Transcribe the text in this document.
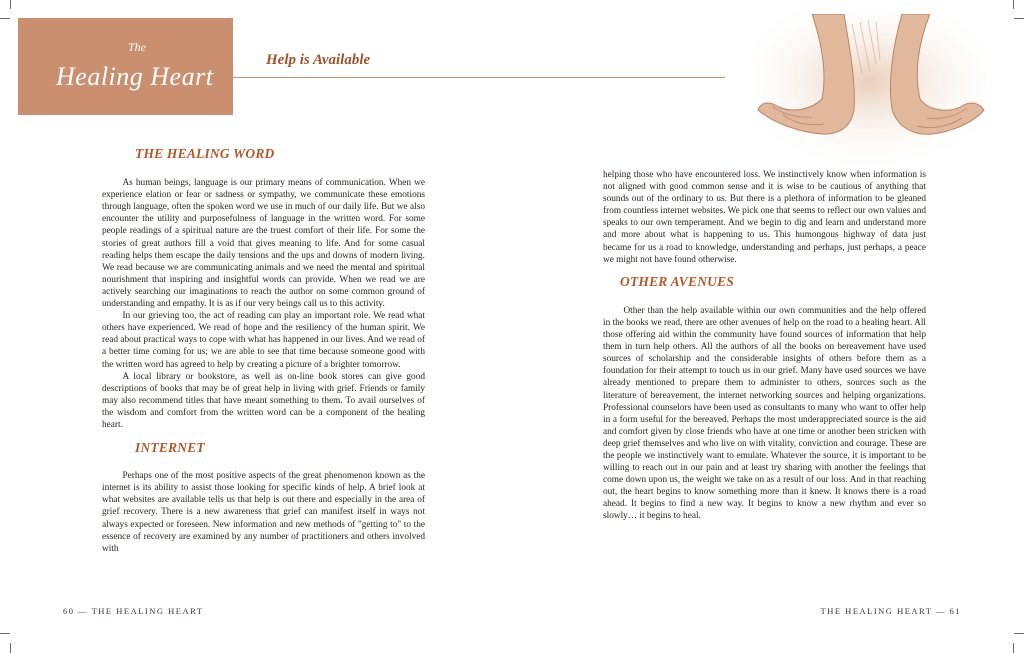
The
Healing Heart
Help is Available
THE HEALING WORD

As human beings, language is our primary means of communication. When we experience elation or fear or sadness or sympathy, we communicate these emotions through language, often the spoken word we use in much of our daily life. But we also encounter the utility and purposefulness of language in the written word. For some people readings of a spiritual nature are the truest comfort of their life. For some the stories of great authors fill a void that gives meaning to life. And for some casual reading helps them escape the daily tensions and the ups and downs of modern living. We read because we are communicating animals and we need the mental and spiritual nourishment that inspiring and insightful words can provide. When we read we are actively searching our imaginations to reach the author on some common ground of understanding and empathy. It is as if our very beings call us to this activity.

In our grieving too, the act of reading can play an important role. We read what others have experienced. We read of hope and the resiliency of the human spirit. We read about practical ways to cope with what has happened in our lives. And we read of a better time coming for us; we are able to see that time because someone good with the written word has agreed to help by creating a picture of a brighter tomorrow.

A local library or bookstore, as well as on-line book stores can give good descriptions of books that may be of great help in living with grief. Friends or family may also recommend titles that have meant something to them. To avail ourselves of the wisdom and comfort from the written word can be a component of the healing heart.

INTERNET

Perhaps one of the most positive aspects of the great phenomenon known as the internet is its ability to assist those looking for specific kinds of help. A brief look at what websites are available tells us that help is out there and especially in the area of grief recovery. There is a new awareness that grief can manifest itself in ways not always expected or foreseen. New information and new methods of "getting to" to the essence of recovery are examined by any number of practitioners and others involved with

helping those who have encountered loss. We instinctively know when information is not aligned with good common sense and it is wise to be cautious of anything that sounds out of the ordinary to us. But there is a plethora of information to be gleaned from countless internet websites. We pick one that seems to reflect our own values and speaks to our own temperament. And we begin to dig and learn and understand more and more about what is happening to us. This humongous highway of data just became for us a road to knowledge, understanding and perhaps, just perhaps, a peace we might not have found otherwise.

OTHER AVENUES

Other than the help available within our own communities and the help offered in the books we read, there are other avenues of help on the road to a healing heart. All those offering aid within the community have found sources of information that help them in turn help others. All the authors of all the books on bereavement have used sources of scholarship and the considerable insights of others before them as a foundation for their attempt to touch us in our grief. Many have used sources we have already mentioned to prepare them to administer to others, sources such as the literature of bereavement, the internet networking sources and helping organizations. Professional counselors have been used as consultants to many who want to offer help in a form useful for the bereaved. Perhaps the most underappreciated source is the aid and comfort given by close friends who have at one time or another been stricken with deep grief themselves and who live on with vitality, conviction and courage. These are the people we instinctively want to emulate. Whatever the source, it is important to be willing to reach out in our pain and at least try sharing with another the feelings that come down upon us, the weight we take on as a result of our loss. And in that reaching out, the heart begins to know something more than it knew. It knows there is a road ahead. It begins to find a new way. It begins to know a new rhythm and ever so slowly… it begins to heal.

60 — THE HEALING HEART	THE HEALING HEART — 61
